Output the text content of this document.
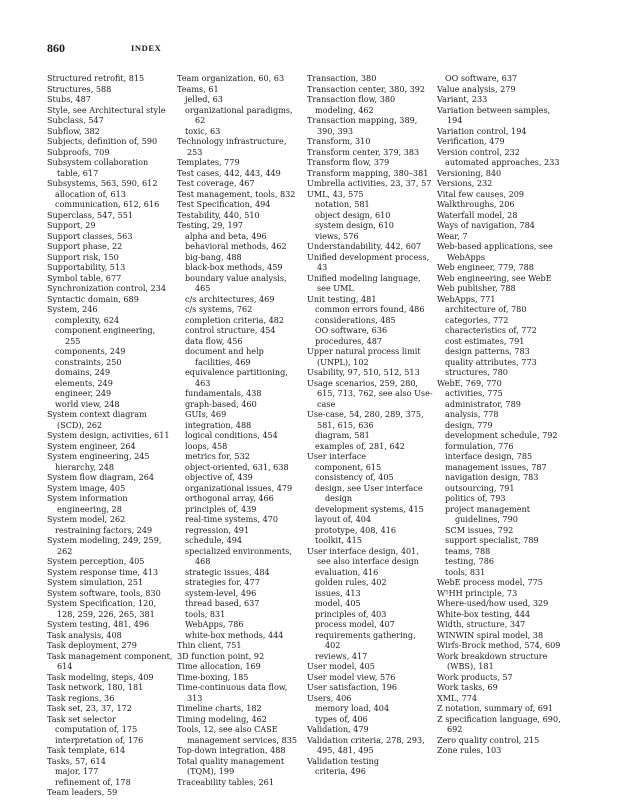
860	INDEX
Structured retrofit, 815
Structures, 588
Stubs, 487
Style, see Architectural style
Subclass, 547
Subflow, 382
Subjects, definition of, 590
Subproofs, 709
Subsystem collaboration table, 617
Subsystems, 563, 590, 612
allocation of, 613
communication, 612, 616
Superclass, 547, 551
Support, 29
Support classes, 563
Support phase, 22
Support risk, 150
Supportability, 513
Symbol table, 677
Synchronization control, 234
Syntactic domain, 689
System, 246
complexity, 624
component engineering, 255
components, 249
constraints, 250
domains, 249
elements, 249
engineer, 249
world view, 248
System context diagram (SCD), 262
System design, activities, 611
System engineer, 264
System engineering, 245
hierarchy, 248
System flow diagram, 264
System image, 405
System information engineering, 28
System model, 262
restraining factors, 249
System modeling, 249, 259, 262
System perception, 405
System response time, 413
System simulation, 251
System software, tools, 830
System Specification, 120, 128, 259, 226, 265, 381
System testing, 481, 496
Task analysis, 408
Task deployment, 279
Task management component, 614
Task modeling, steps, 409
Task network, 180, 181
Task regions, 36
Task set, 23, 37, 172
Task set selector
computation of, 175
interpretation of, 176
Task template, 614
Tasks, 57, 614
major, 177
refinement of, 178
Team leaders, 59
Team organization, 60, 63
Teams, 61
jelled, 63
organizational paradigms, 62
toxic, 63
Technology infrastructure, 253
Templates, 779
Test cases, 442, 443, 449
Test coverage, 467
Test management, tools, 832
Test Specification, 494
Testability, 440, 510
Testing, 29, 197
alpha and beta, 496
behavioral methods, 462
big-bang, 488
black-box methods, 459
boundary value analysis, 465
c/s architectures, 469
c/s systems, 762
completion criteria, 482
control structure, 454
data flow, 456
document and help facilities, 469
equivalence partitioning, 463
fundamentals, 438
graph-based, 460
GUIs, 469
integration, 488
logical conditions, 454
loops, 458
metrics for, 532
object-oriented, 631, 638
objective of, 439
organizational issues, 479
orthogonal array, 466
principles of, 439
real-time systems, 470
regression, 491
schedule, 494
specialized environments, 468
strategic issues, 484
strategies for, 477
system-level, 496
thread based, 637
tools, 831
WebApps, 786
white-box methods, 444
Thin client, 751
3D function point, 92
Time allocation, 169
Time-boxing, 185
Time-continuous data flow, 313
Timeline charts, 182
Timing modeling, 462
Tools, 12, see also CASE management services, 835
Top-down integration, 488
Total quality management (TQM), 199
Traceability tables, 261
Transaction, 380
Transaction center, 380, 392
Transaction flow, 380
modeling, 462
Transaction mapping, 389, 390, 393
Transform, 310
Transform center, 379, 383
Transform flow, 379
Transform mapping, 380–381
Umbrella activities, 23, 37, 57
UML, 43, 575
notation, 581
object design, 610
system design, 610
views, 576
Understandability, 442, 607
Unified development process, 43
Unified modeling language, see UML
Unit testing, 481
common errors found, 486
considerations, 485
OO software, 636
procedures, 487
Upper natural process limit (UNPL), 102
Usability, 97, 510, 512, 513
Usage scenarios, 259, 280, 615, 713, 762, see also Use-case
Use-case, 54, 280, 289, 375, 581, 615, 636
diagram, 581
examples of, 281, 642
User interface
component, 615
consistency of, 405
design, see User interface design
development systems, 415
layout of, 404
prototype, 408, 416
toolkit, 415
User interface design, 401, see also interface design
evaluation, 416
golden rules, 402
issues, 413
model, 405
principles of, 403
process model, 407
requirements gathering, 402
reviews, 417
User model, 405
User model view, 576
User satisfaction, 196
Users, 406
memory load, 404
types of, 406
Validation, 479
Validation criteria, 278, 293, 495, 481, 495
Validation testing
criteria, 496
OO software, 637
Value analysis, 279
Variant, 233
Variation between samples, 194
Variation control, 194
Verification, 479
Version control, 232
automated approaches, 233
Versioning, 840
Versions, 232
Vital few causes, 209
Walkthroughs, 206
Waterfall model, 28
Ways of navigation, 784
Wear, 7
Web-based applications, see WebApps
Web engineer, 779, 788
Web engineering, see WebE
Web publisher, 788
WebApps, 771
architecture of, 780
categories, 772
characteristics of, 772
cost estimates, 791
design patterns, 783
quality attributes, 773
structures, 780
WebE, 769, 770
activities, 775
administrator, 789
analysis, 778
design, 779
development schedule, 792
formulation, 776
interface design, 785
management issues, 787
navigation design, 783
outsourcing, 791
politics of, 793
project management guidelines, 790
SCM issues, 792
support specialist, 789
teams, 788
testing, 786
tools, 831
WebE process model, 775
W⁵HH principle, 73
Where-used/how used, 329
White-box testing, 444
Width, structure, 347
WINWIN spiral model, 38
Wirfs-Brock method, 574, 609
Work breakdown structure (WBS), 181
Work products, 57
Work tasks, 69
XML, 774
Z notation, summary of, 691
Z specification language, 690, 692
Zero quality control, 215
Zone rules, 103
